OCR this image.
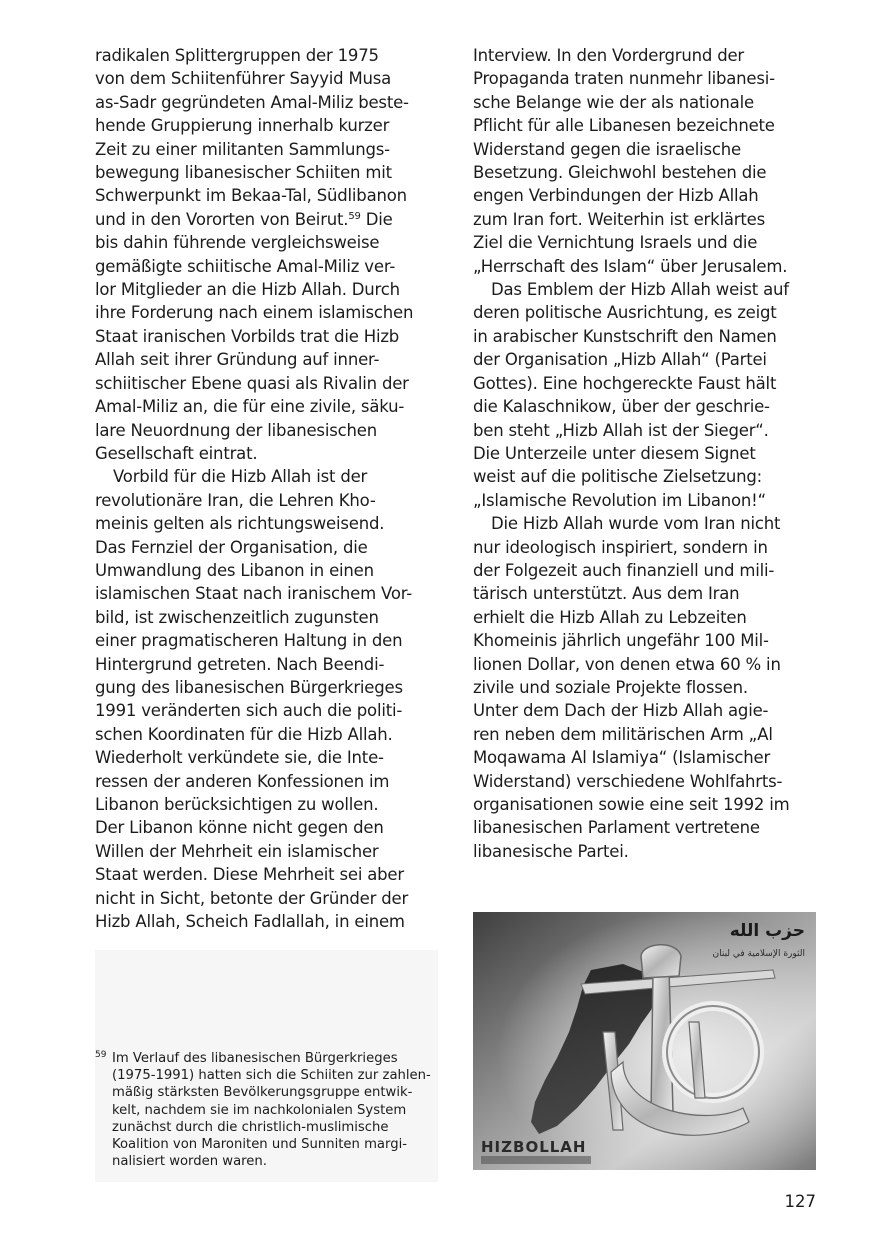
radikalen Splittergruppen der 1975
von dem Schiitenführer Sayyid Musa
as-Sadr gegründeten Amal-Miliz beste-
hende Gruppierung innerhalb kurzer
Zeit zu einer militanten Sammlungs-
bewegung libanesischer Schiiten mit
Schwerpunkt im Bekaa-Tal, Südlibanon
und in den Vororten von Beirut.$^{59}$ Die
bis dahin führende vergleichsweise
gemäßigte schiitische Amal-Miliz ver-
lor Mitglieder an die Hizb Allah. Durch
ihre Forderung nach einem islamischen
Staat iranischen Vorbilds trat die Hizb
Allah seit ihrer Gründung auf inner-
schiitischer Ebene quasi als Rivalin der
Amal-Miliz an, die für eine zivile, säku-
lare Neuordnung der libanesischen
Gesellschaft eintrat.
Vorbild für die Hizb Allah ist der
revolutionäre Iran, die Lehren Kho-
meinis gelten als richtungsweisend.
Das Fernziel der Organisation, die
Umwandlung des Libanon in einen
islamischen Staat nach iranischem Vor-
bild, ist zwischenzeitlich zugunsten
einer pragmatischeren Haltung in den
Hintergrund getreten. Nach Beendi-
gung des libanesischen Bürgerkrieges
1991 veränderten sich auch die politi-
schen Koordinaten für die Hizb Allah.
Wiederholt verkündete sie, die Inte-
ressen der anderen Konfessionen im
Libanon berücksichtigen zu wollen.
Der Libanon könne nicht gegen den
Willen der Mehrheit ein islamischer
Staat werden. Diese Mehrheit sei aber
nicht in Sicht, betonte der Gründer der
Hizb Allah, Scheich Fadlallah, in einem
Interview. In den Vordergrund der
Propaganda traten nunmehr libanesi-
sche Belange wie der als nationale
Pflicht für alle Libanesen bezeichnete
Widerstand gegen die israelische
Besetzung. Gleichwohl bestehen die
engen Verbindungen der Hizb Allah
zum Iran fort. Weiterhin ist erklärtes
Ziel die Vernichtung Israels und die
„Herrschaft des Islam“ über Jerusalem.
Das Emblem der Hizb Allah weist auf
deren politische Ausrichtung, es zeigt
in arabischer Kunstschrift den Namen
der Organisation „Hizb Allah“ (Partei
Gottes). Eine hochgereckte Faust hält
die Kalaschnikow, über der geschrie-
ben steht „Hizb Allah ist der Sieger“.
Die Unterzeile unter diesem Signet
weist auf die politische Zielsetzung:
„Islamische Revolution im Libanon!“
Die Hizb Allah wurde vom Iran nicht
nur ideologisch inspiriert, sondern in
der Folgezeit auch finanziell und mili-
tärisch unterstützt. Aus dem Iran
erhielt die Hizb Allah zu Lebzeiten
Khomeinis jährlich ungefähr 100 Mil-
lionen Dollar, von denen etwa 60 % in
zivile und soziale Projekte flossen.
Unter dem Dach der Hizb Allah agie-
ren neben dem militärischen Arm „Al
Moqawama Al Islamiya“ (Islamischer
Widerstand) verschiedene Wohlfahrts-
organisationen sowie eine seit 1992 im
libanesischen Parlament vertretene
libanesische Partei.
59 Im Verlauf des libanesischen Bürgerkrieges
(1975-1991) hatten sich die Schiiten zur zahlen-
mäßig stärksten Bevölkerungsgruppe entwik-
kelt, nachdem sie im nachkolonialen System
zunächst durch die christlich-muslimische
Koalition von Maroniten und Sunniten margi-
nalisiert worden waren.
حزب الله
الثورة الإسلامية في لبنان
HIZBOLLAH
127
